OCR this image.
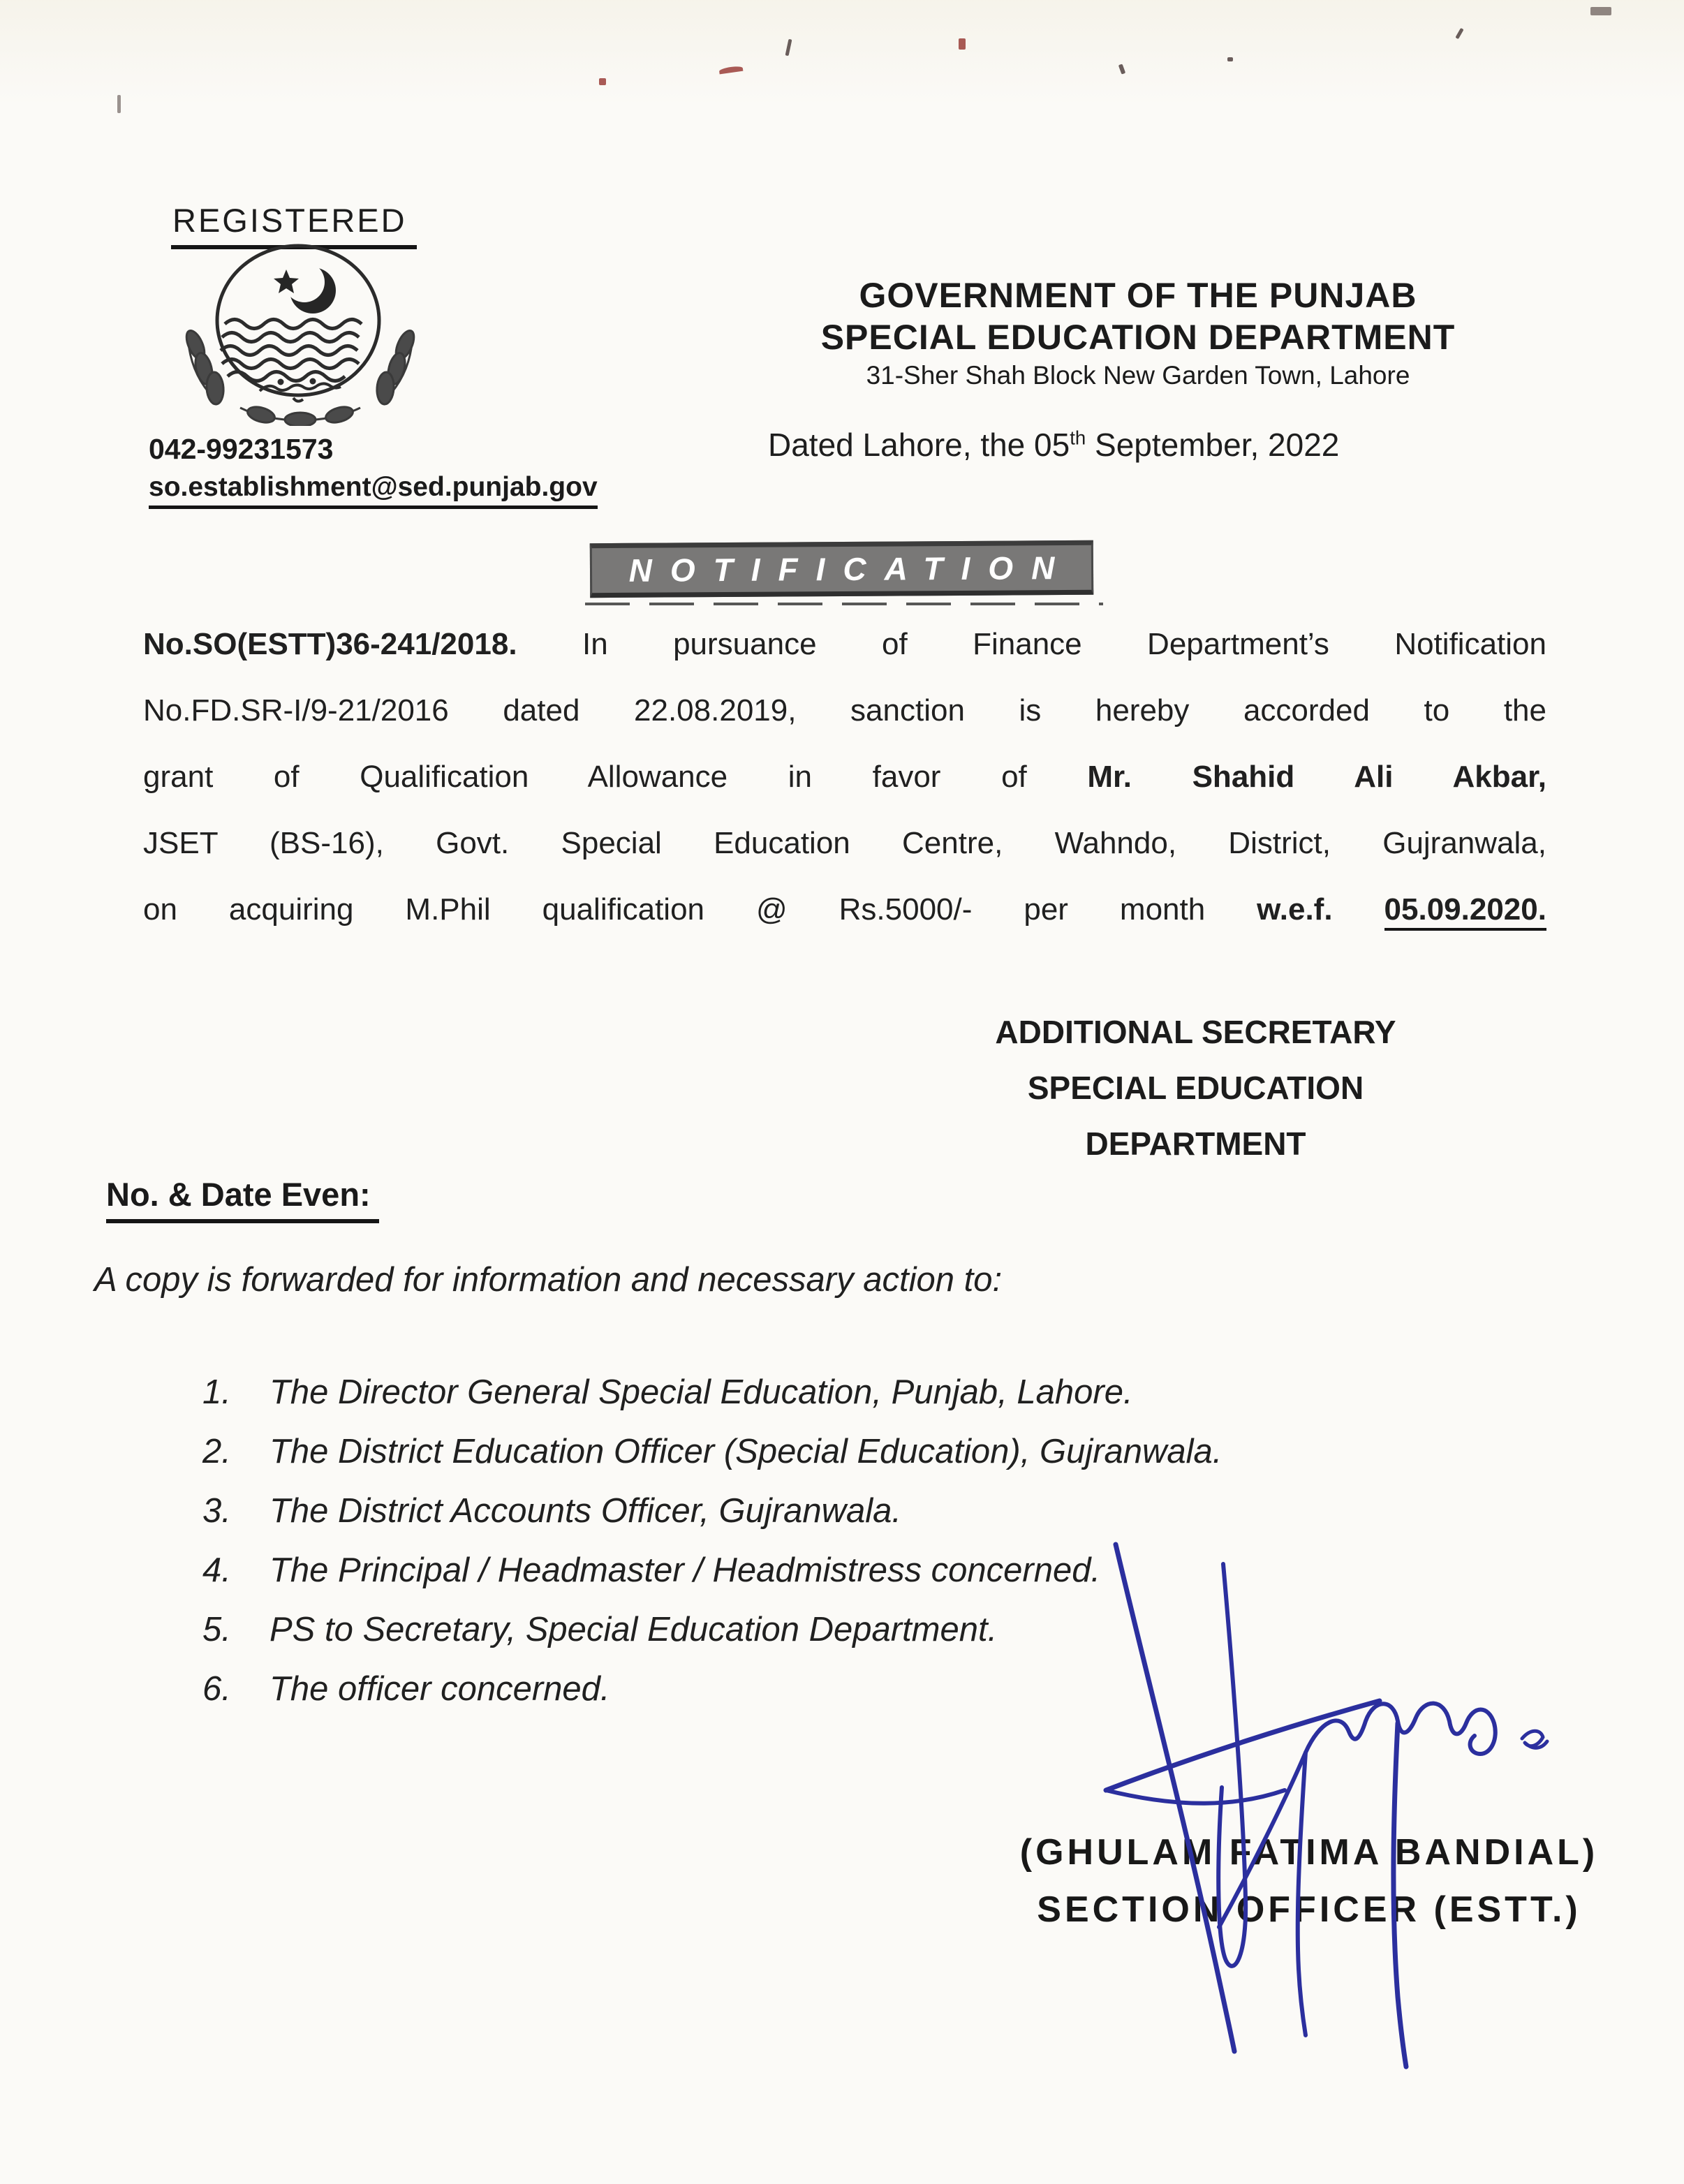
REGISTERED
042-99231573
so.establishment@sed.punjab.gov
GOVERNMENT OF THE PUNJAB
SPECIAL EDUCATION DEPARTMENT
31-Sher Shah Block New Garden Town, Lahore
Dated Lahore, the 05th September, 2022
NOTIFICATION
No.SO(ESTT)36-241/2018. In pursuance of Finance Department’s Notification
No.FD.SR-I/9-21/2016 dated 22.08.2019, sanction is hereby accorded to the
grant of Qualification Allowance in favor of Mr. Shahid Ali Akbar,
JSET (BS-16), Govt. Special Education Centre, Wahndo, District, Gujranwala,
on acquiring M.Phil qualification @ Rs.5000/- per month w.e.f. 05.09.2020.
ADDITIONAL SECRETARY
SPECIAL EDUCATION
DEPARTMENT
No. & Date Even:
A copy is forwarded for information and necessary action to:
1.	The Director General Special Education, Punjab, Lahore.
2.	The District Education Officer (Special Education), Gujranwala.
3.	The District Accounts Officer, Gujranwala.
4.	The Principal / Headmaster / Headmistress concerned.
5.	PS to Secretary, Special Education Department.
6.	The officer concerned.
(GHULAM FATIMA BANDIAL)
SECTION OFFICER (ESTT.)
